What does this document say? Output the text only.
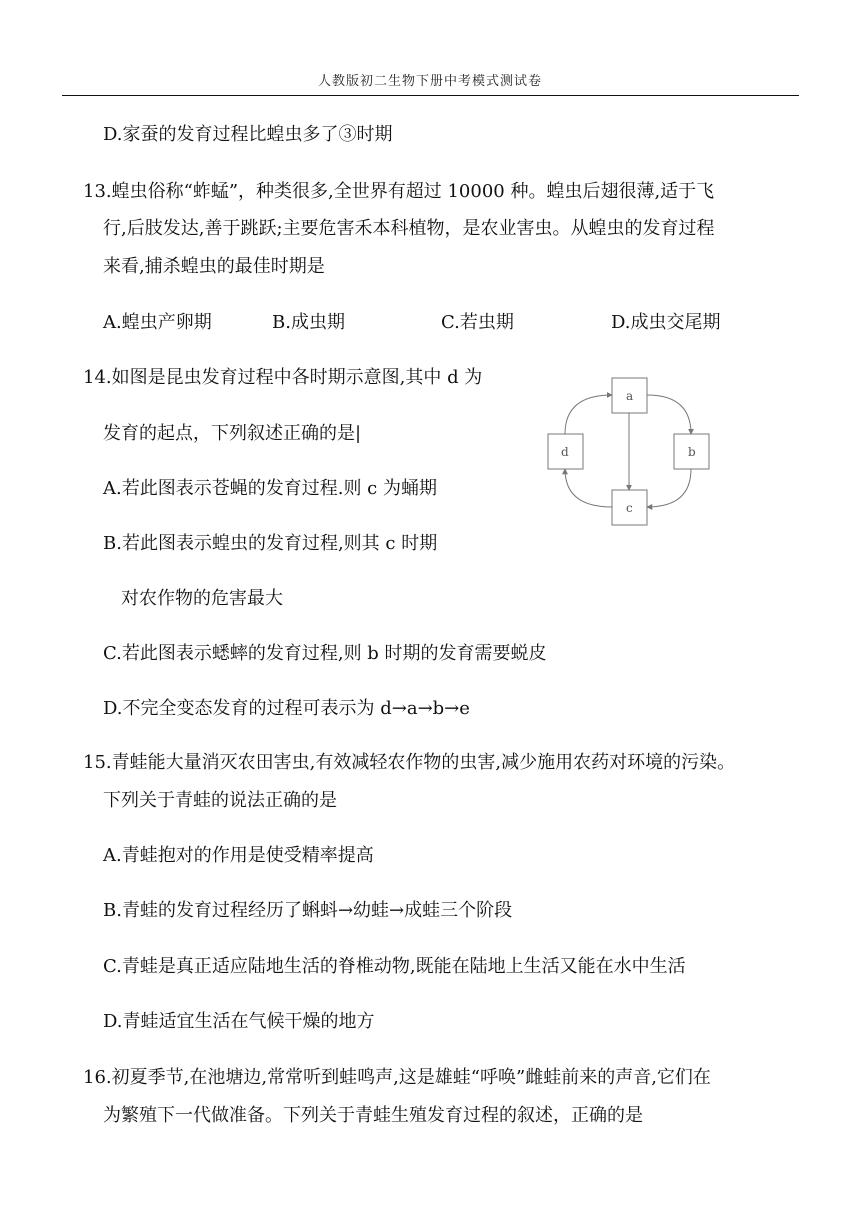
人教版初二生物下册中考模式测试卷
D.家蚕的发育过程比蝗虫多了③时期
13.蝗虫俗称“蚱蜢”，种类很多,全世界有超过 10000 种。蝗虫后翅很薄,适于飞
行,后肢发达,善于跳跃;主要危害禾本科植物，是农业害虫。从蝗虫的发育过程
来看,捕杀蝗虫的最佳时期是
A.蝗虫产卵期	B.成虫期	C.若虫期	D.成虫交尾期
14.如图是昆虫发育过程中各时期示意图,其中 d 为
发育的起点，下列叙述正确的是|
A.若此图表示苍蝇的发育过程.则 c 为蛹期
B.若此图表示蝗虫的发育过程,则其 c 时期
对农作物的危害最大
C.若此图表示蟋蟀的发育过程,则 b 时期的发育需要蜕皮
D.不完全变态发育的过程可表示为 d→a→b→e
a
b
c
d
15.青蛙能大量消灭农田害虫,有效减轻农作物的虫害,减少施用农药对环境的污染。
下列关于青蛙的说法正确的是
A.青蛙抱对的作用是使受精率提高
B.青蛙的发育过程经历了蝌蚪→幼蛙→成蛙三个阶段
C.青蛙是真正适应陆地生活的脊椎动物,既能在陆地上生活又能在水中生活
D.青蛙适宜生活在气候干燥的地方
16.初夏季节,在池塘边,常常听到蛙鸣声,这是雄蛙“呼唤”雌蛙前来的声音,它们在
为繁殖下一代做准备。下列关于青蛙生殖发育过程的叙述，正确的是
